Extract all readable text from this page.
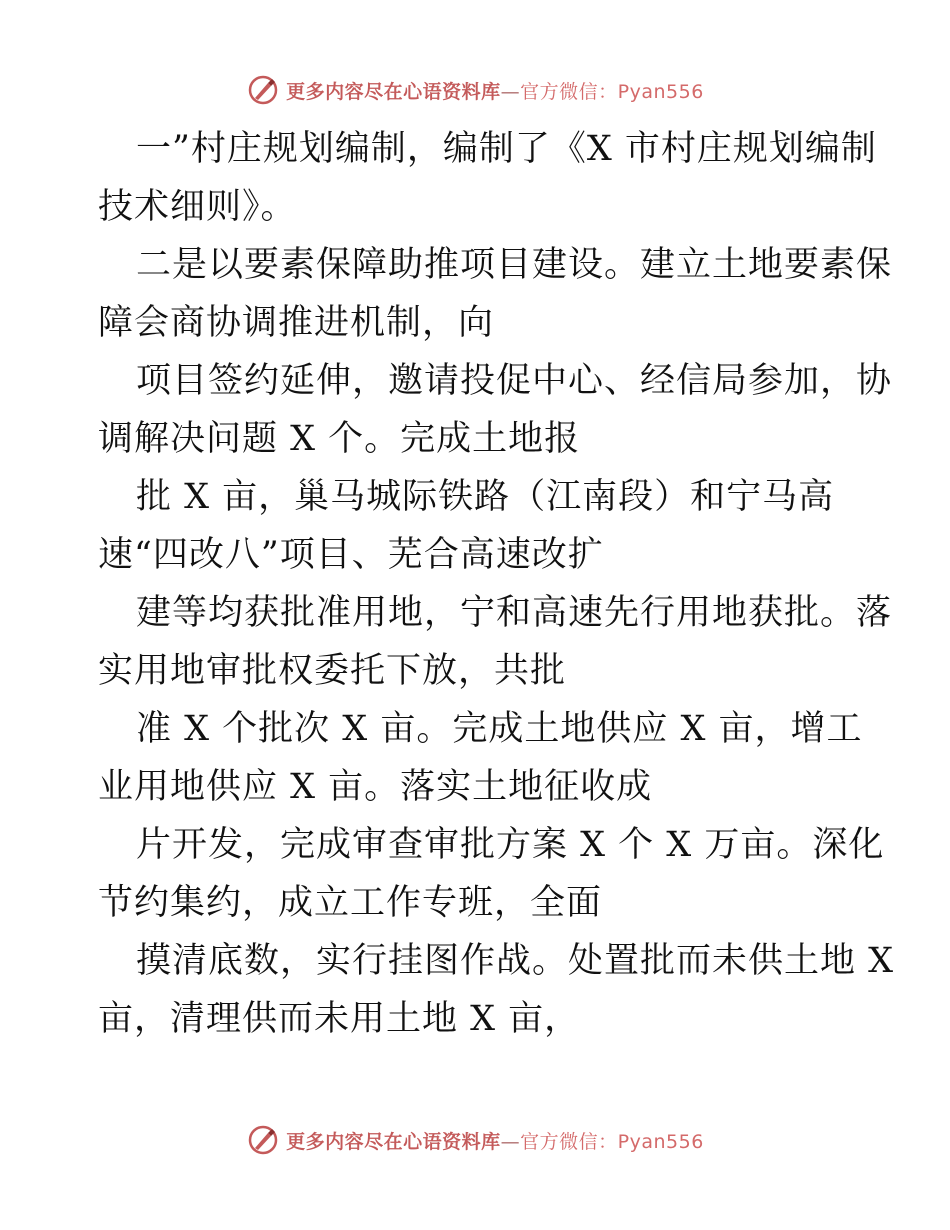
更多内容尽在心语资料库—官方微信：Pyan556
一”村庄规划编制，编制了《X 市村庄规划编制
技术细则》。
二是以要素保障助推项目建设。建立土地要素保
障会商协调推进机制，向
项目签约延伸，邀请投促中心、经信局参加，协
调解决问题 X 个。完成土地报
批 X 亩，巢马城际铁路（江南段）和宁马高
速“四改八”项目、芜合高速改扩
建等均获批准用地，宁和高速先行用地获批。落
实用地审批权委托下放，共批
准 X 个批次 X 亩。完成土地供应 X 亩，增工
业用地供应 X 亩。落实土地征收成
片开发，完成审查审批方案 X 个 X 万亩。深化
节约集约，成立工作专班，全面
摸清底数，实行挂图作战。处置批而未供土地 X
亩，清理供而未用土地 X 亩，
更多内容尽在心语资料库—官方微信：Pyan556
